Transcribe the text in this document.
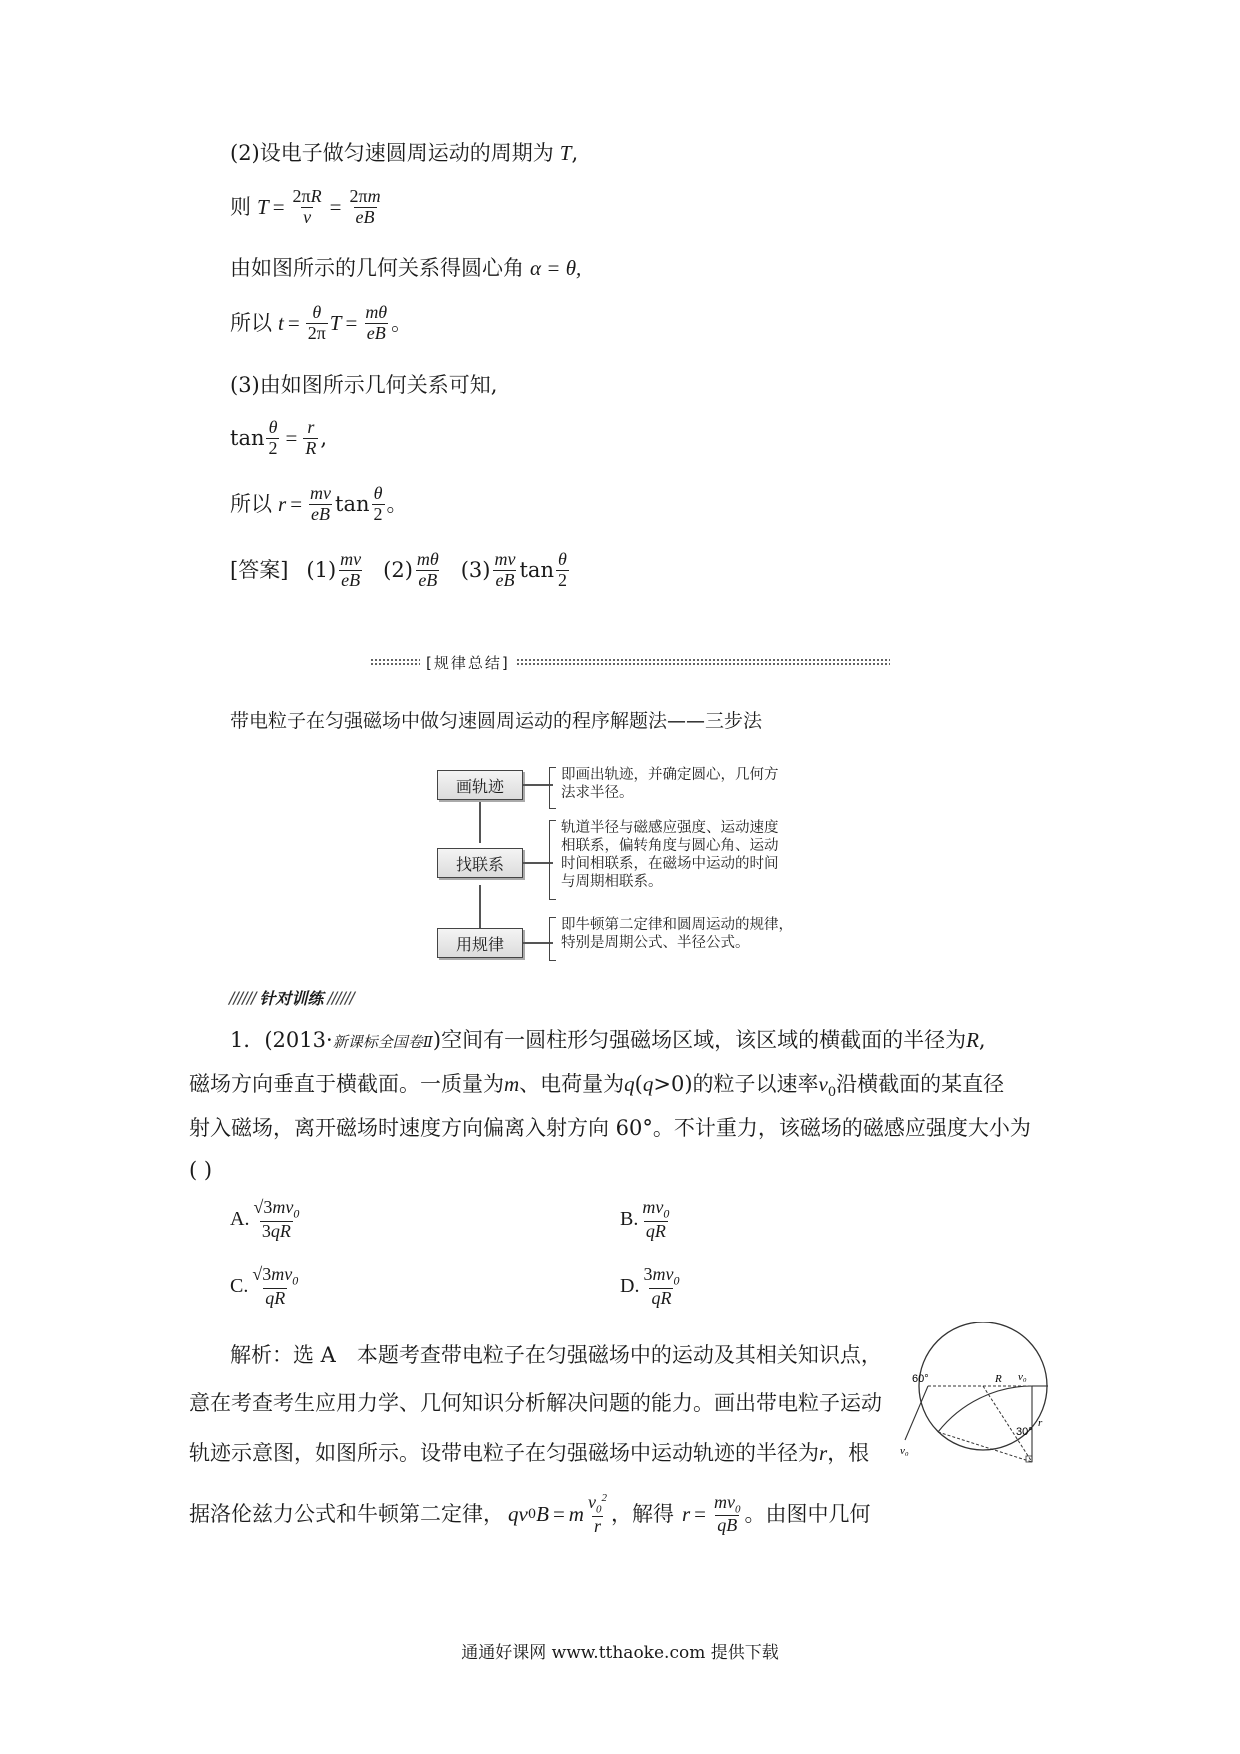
(2)设电子做匀速圆周运动的周期为 T ,
则 $T = \frac{2\pi R}{v} = \frac{2\pi m}{eB}$
由如图所示的几何关系得圆心角 α = θ,
所以 $t = \frac{\theta}{2\pi}$ $T = \frac{m\theta}{eB}$ 。
(3)由如图所示几何关系可知,
$\tan \frac{\theta}{2} = \frac{r}{R}$ ,
所以 $r = \frac{mv}{eB}$ $\tan \frac{\theta}{2}$ 。
[答案] $(1) \frac{mv}{eB} (2) \frac{m\theta}{eB} (3) \frac{mv}{eB}$ $\tan \frac{\theta}{2}$
[规律总结]
带电粒子在匀强磁场中做匀速圆周运动的程序解题法——三步法
画轨迹
即画出轨迹，并确定圆心，几何方
法求半径。
找联系
轨道半径与磁感应强度、运动速度
相联系，偏转角度与圆心角、运动
时间相联系，在磁场中运动的时间
与周期相联系。
用规律
即牛顿第二定律和圆周运动的规律，
特别是周期公式、半径公式。
////// 针对训练 //////
1．(2013·新课标全国卷Ⅱ)空间有一圆柱形匀强磁场区域，该区域的横截面的半径为R,
磁场方向垂直于横截面。一质量为m、电荷量为q(q>0)的粒子以速率$v_0$沿横截面的某直径
射入磁场，离开磁场时速度方向偏离入射方向 60°。不计重力，该磁场的磁感应强度大小为
( )
A. $\frac{√3mv_0}{3qR}$	B. $\frac{mv_0}{qR}$
C. $\frac{√3mv_0}{qR}$	D. $\frac{3mv_0}{qR}$
解析：选 A　本题考查带电粒子在匀强磁场中的运动及其相关知识点，
意在考查考生应用力学、几何知识分析解决问题的能力。画出带电粒子运动
轨迹示意图，如图所示。设带电粒子在匀强磁场中运动轨迹的半径为r，根
据洛伦兹力公式和牛顿第二定律， qv 0 B = m $\frac{v_0^2}{r}$ ，解得 $r = \frac{mv_0}{qB}$ 。由图中几何
60°
30°
R v₀
v₀
r
通通好课网 www.tthaoke.com 提供下载
